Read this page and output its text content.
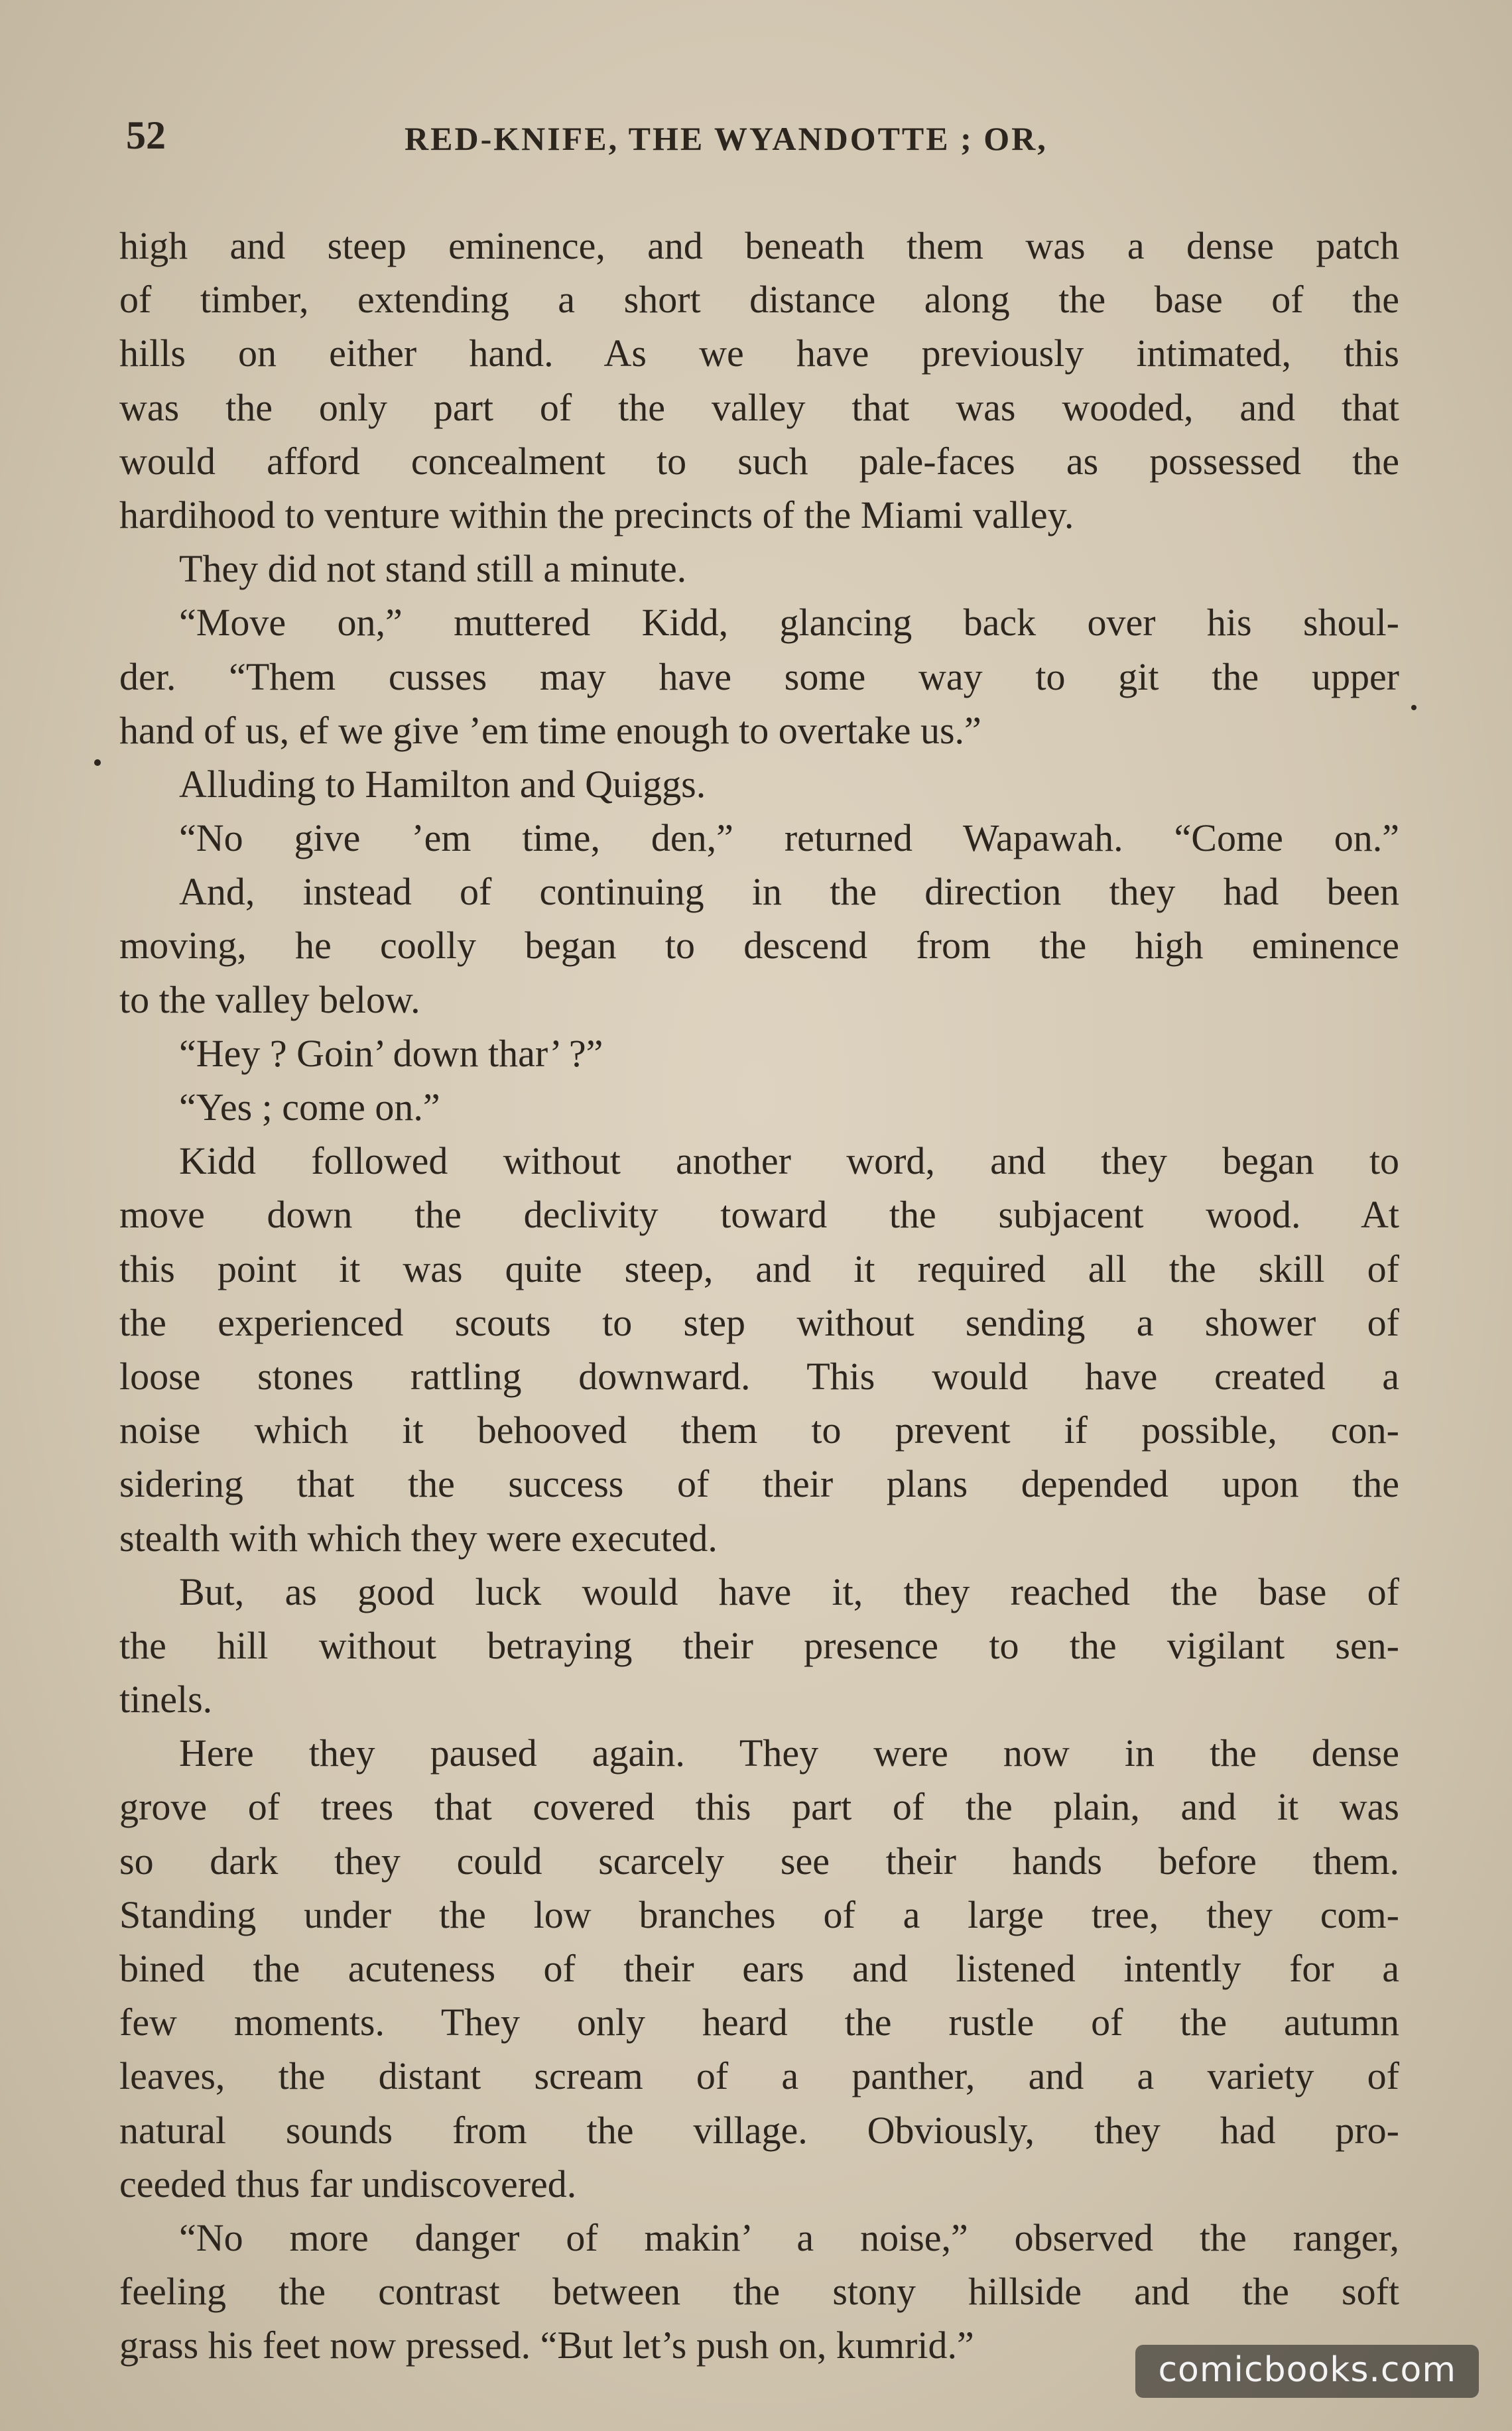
52	RED-KNIFE, THE WYANDOTTE ; OR,
high and steep eminence, and beneath them was a dense patch
of timber, extending a short distance along the base of the
hills on either hand. As we have previously intimated, this
was the only part of the valley that was wooded, and that
would afford concealment to such pale-faces as possessed the
hardihood to venture within the precincts of the Miami valley.
They did not stand still a minute.
“Move on,” muttered Kidd, glancing back over his shoul-
der. “Them cusses may have some way to git the upper
hand of us, ef we give ’em time enough to overtake us.”
Alluding to Hamilton and Quiggs.
“No give ’em time, den,” returned Wapawah. “Come on.”
And, instead of continuing in the direction they had been
moving, he coolly began to descend from the high eminence
to the valley below.
“Hey ? Goin’ down thar’ ?”
“Yes ; come on.”
Kidd followed without another word, and they began to
move down the declivity toward the subjacent wood. At
this point it was quite steep, and it required all the skill of
the experienced scouts to step without sending a shower of
loose stones rattling downward. This would have created a
noise which it behooved them to prevent if possible, con-
sidering that the success of their plans depended upon the
stealth with which they were executed.
But, as good luck would have it, they reached the base of
the hill without betraying their presence to the vigilant sen-
tinels.
Here they paused again. They were now in the dense
grove of trees that covered this part of the plain, and it was
so dark they could scarcely see their hands before them.
Standing under the low branches of a large tree, they com-
bined the acuteness of their ears and listened intently for a
few moments. They only heard the rustle of the autumn
leaves, the distant scream of a panther, and a variety of
natural sounds from the village. Obviously, they had pro-
ceeded thus far undiscovered.
“No more danger of makin’ a noise,” observed the ranger,
feeling the contrast between the stony hillside and the soft
grass his feet now pressed. “But let’s push on, kumrid.”
comicbooks.com
